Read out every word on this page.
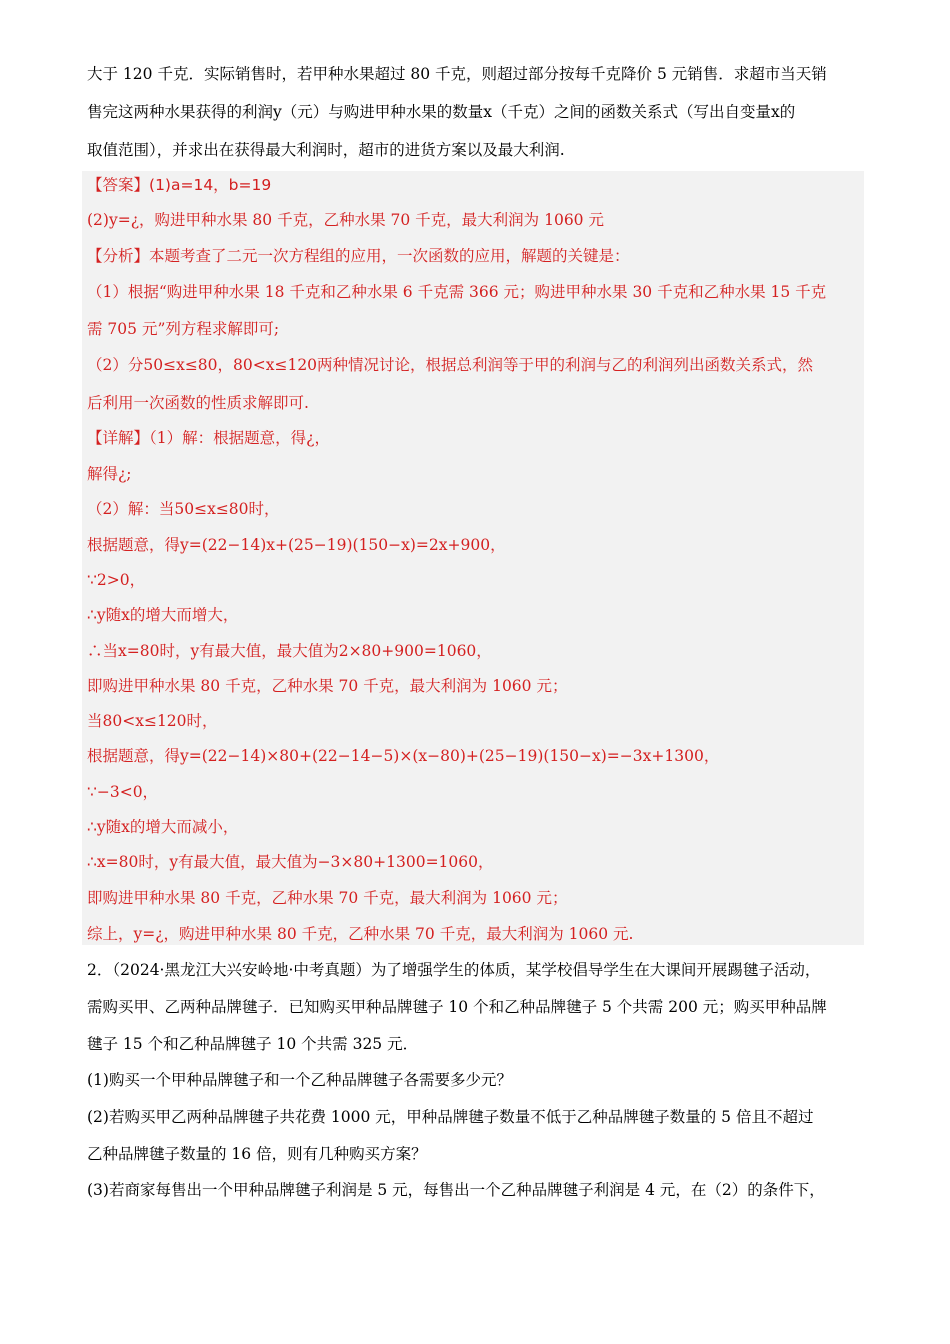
大于 120 千克．实际销售时，若甲种水果超过 80 千克，则超过部分按每千克降价 5 元销售．求超市当天销
售完这两种水果获得的利润y（元）与购进甲种水果的数量x（千克）之间的函数关系式（写出自变量x的
取值范围），并求出在获得最大利润时，超市的进货方案以及最大利润.
【答案】(1)a=14，b=19
(2)y=¿，购进甲种水果 80 千克，乙种水果 70 千克，最大利润为 1060 元
【分析】本题考查了二元一次方程组的应用，一次函数的应用，解题的关键是：
（1）根据“购进甲种水果 18 千克和乙种水果 6 千克需 366 元；购进甲种水果 30 千克和乙种水果 15 千克
需 705 元”列方程求解即可;
（2）分50≤x≤80，80<x≤120两种情况讨论，根据总利润等于甲的利润与乙的利润列出函数关系式，然
后利用一次函数的性质求解即可.
【详解】（1）解：根据题意，得¿，
解得¿;
（2）解：当50≤x≤80时，
根据题意，得y=(22−14)x+(25−19)(150−x)=2x+900，
∵2>0，
∴y随x的增大而增大，
∴当x=80时，y有最大值，最大值为2×80+900=1060，
即购进甲种水果 80 千克，乙种水果 70 千克，最大利润为 1060 元；
当80<x≤120时，
根据题意，得y=(22−14)×80+(22−14−5)×(x−80)+(25−19)(150−x)=−3x+1300，
∵−3<0，
∴y随x的增大而减小，
∴x=80时，y有最大值，最大值为−3×80+1300=1060，
即购进甲种水果 80 千克，乙种水果 70 千克，最大利润为 1060 元；
综上，y=¿，购进甲种水果 80 千克，乙种水果 70 千克，最大利润为 1060 元.
2．（2024·黑龙江大兴安岭地·中考真题）为了增强学生的体质，某学校倡导学生在大课间开展踢毽子活动，
需购买甲、乙两种品牌毽子．已知购买甲种品牌毽子 10 个和乙种品牌毽子 5 个共需 200 元；购买甲种品牌
毽子 15 个和乙种品牌毽子 10 个共需 325 元．
(1)购买一个甲种品牌毽子和一个乙种品牌毽子各需要多少元？
(2)若购买甲乙两种品牌毽子共花费 1000 元，甲种品牌毽子数量不低于乙种品牌毽子数量的 5 倍且不超过
乙种品牌毽子数量的 16 倍，则有几种购买方案？
(3)若商家每售出一个甲种品牌毽子利润是 5 元，每售出一个乙种品牌毽子利润是 4 元，在（2）的条件下，
